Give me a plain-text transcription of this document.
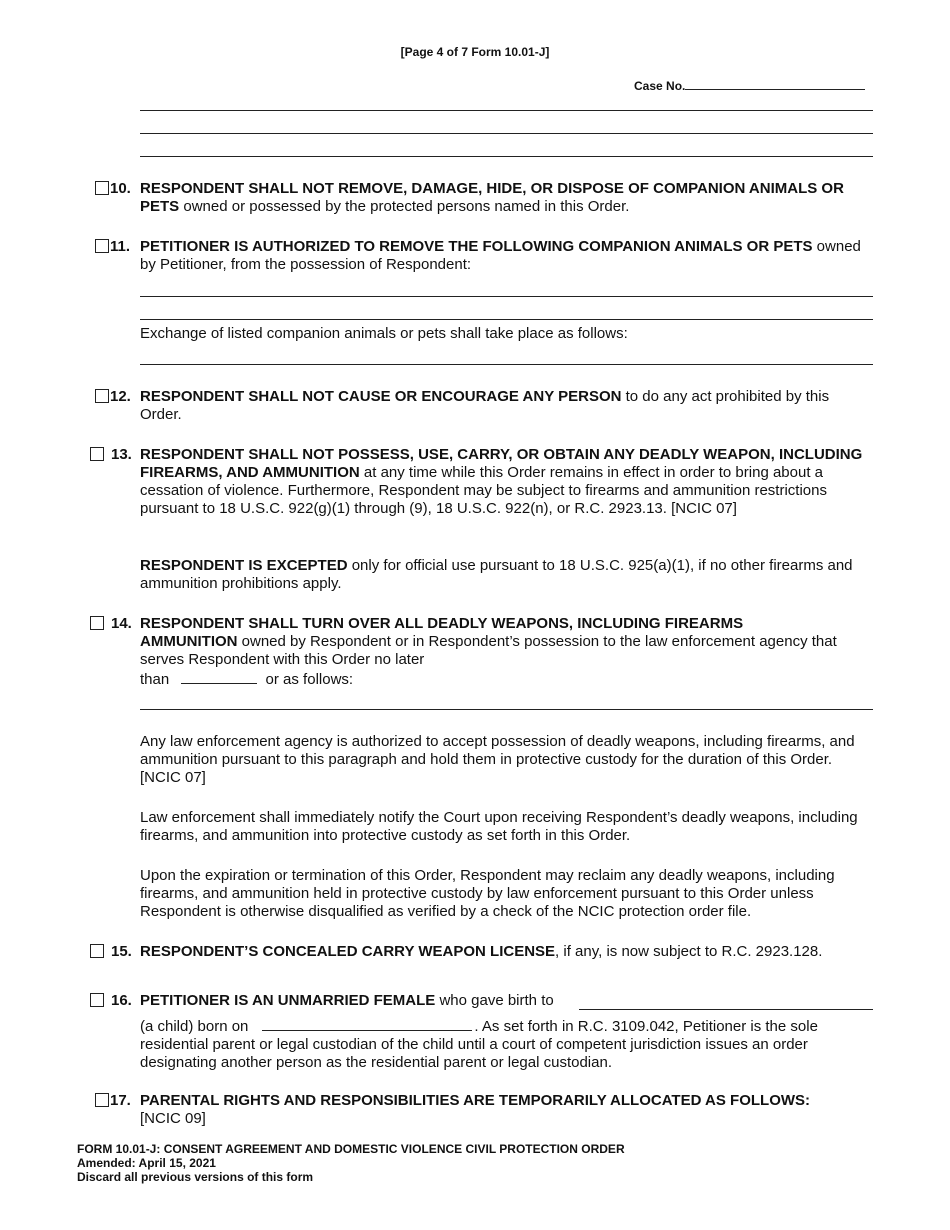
[Page 4 of 7 Form 10.01-J]
Case No.
10. RESPONDENT SHALL NOT REMOVE, DAMAGE, HIDE, OR DISPOSE OF COMPANION ANIMALS OR PETS owned or possessed by the protected persons named in this Order.
11. PETITIONER IS AUTHORIZED TO REMOVE THE FOLLOWING COMPANION ANIMALS OR PETS owned by Petitioner, from the possession of Respondent:
Exchange of listed companion animals or pets shall take place as follows:
12. RESPONDENT SHALL NOT CAUSE OR ENCOURAGE ANY PERSON to do any act prohibited by this Order.
13. RESPONDENT SHALL NOT POSSESS, USE, CARRY, OR OBTAIN ANY DEADLY WEAPON, INCLUDING FIREARMS, AND AMMUNITION at any time while this Order remains in effect in order to bring about a cessation of violence. Furthermore, Respondent may be subject to firearms and ammunition restrictions pursuant to 18 U.S.C. 922(g)(1) through (9), 18 U.S.C. 922(n), or R.C. 2923.13. [NCIC 07]
RESPONDENT IS EXCEPTED only for official use pursuant to 18 U.S.C. 925(a)(1), if no other firearms and ammunition prohibitions apply.
14. RESPONDENT SHALL TURN OVER ALL DEADLY WEAPONS, INCLUDING FIREARMS AMMUNITION owned by Respondent or in Respondent’s possession to the law enforcement agency that serves Respondent with this Order no later
than	or as follows:
Any law enforcement agency is authorized to accept possession of deadly weapons, including firearms, and ammunition pursuant to this paragraph and hold them in protective custody for the duration of this Order. [NCIC 07]
Law enforcement shall immediately notify the Court upon receiving Respondent’s deadly weapons, including firearms, and ammunition into protective custody as set forth in this Order.
Upon the expiration or termination of this Order, Respondent may reclaim any deadly weapons, including firearms, and ammunition held in protective custody by law enforcement pursuant to this Order unless Respondent is otherwise disqualified as verified by a check of the NCIC protection order file.
15. RESPONDENT’S CONCEALED CARRY WEAPON LICENSE, if any, is now subject to R.C. 2923.128.
16. PETITIONER IS AN UNMARRIED FEMALE who gave birth to
(a child) born on	. As set forth in R.C. 3109.042, Petitioner is the sole residential parent or legal custodian of the child until a court of competent jurisdiction issues an order designating another person as the residential parent or legal custodian.
17. PARENTAL RIGHTS AND RESPONSIBILITIES ARE TEMPORARILY ALLOCATED AS FOLLOWS:
[NCIC 09]
FORM 10.01-J: CONSENT AGREEMENT AND DOMESTIC VIOLENCE CIVIL PROTECTION ORDER
Amended: April 15, 2021
Discard all previous versions of this form
